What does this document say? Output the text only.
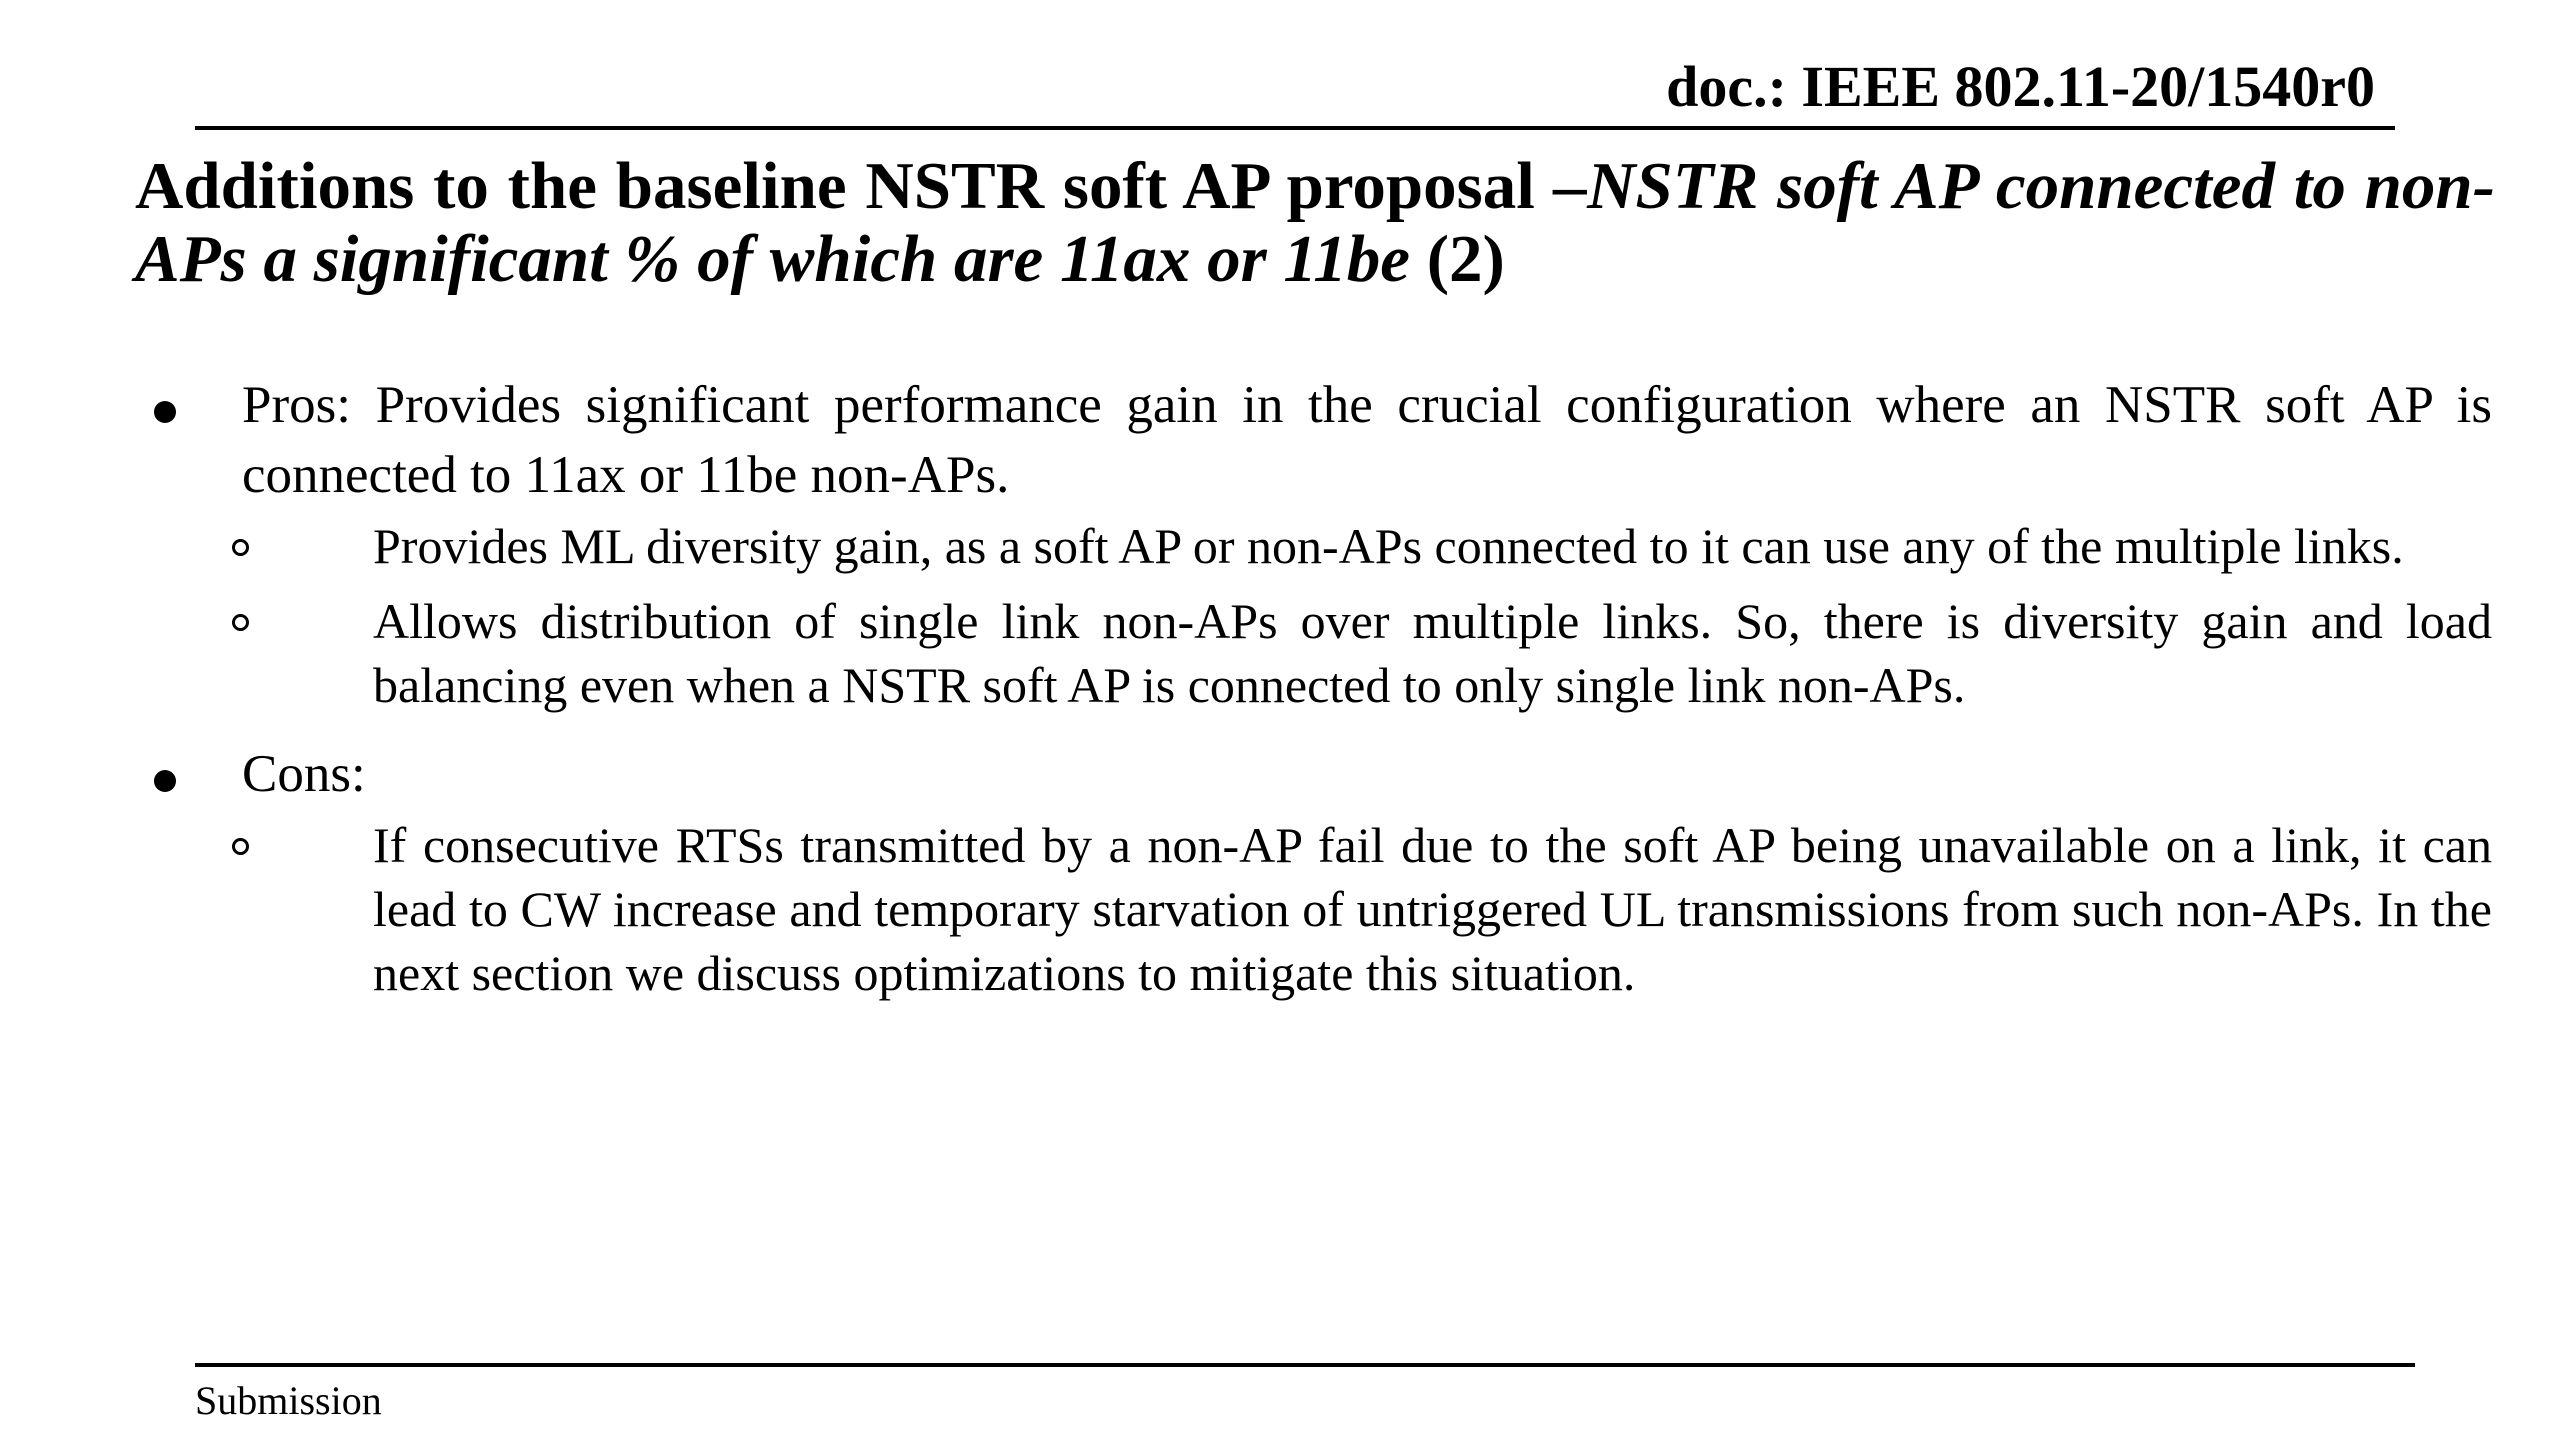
doc.: IEEE 802.11-20/1540r0
Additions to the baseline NSTR soft AP proposal –NSTR soft AP connected to non-APs a significant % of which are 11ax or 11be (2)
Pros: Provides significant performance gain in the crucial configuration where an NSTR soft AP is connected to 11ax or 11be non-APs.
Provides ML diversity gain, as a soft AP or non-APs connected to it can use any of the multiple links.
Allows distribution of single link non-APs over multiple links. So, there is diversity gain and load balancing even when a NSTR soft AP is connected to only single link non-APs.
Cons:
If consecutive RTSs transmitted by a non-AP fail due to the soft AP being unavailable on a link, it can lead to CW increase and temporary starvation of untriggered UL transmissions from such non-APs. In the next section we discuss optimizations to mitigate this situation.
Submission
